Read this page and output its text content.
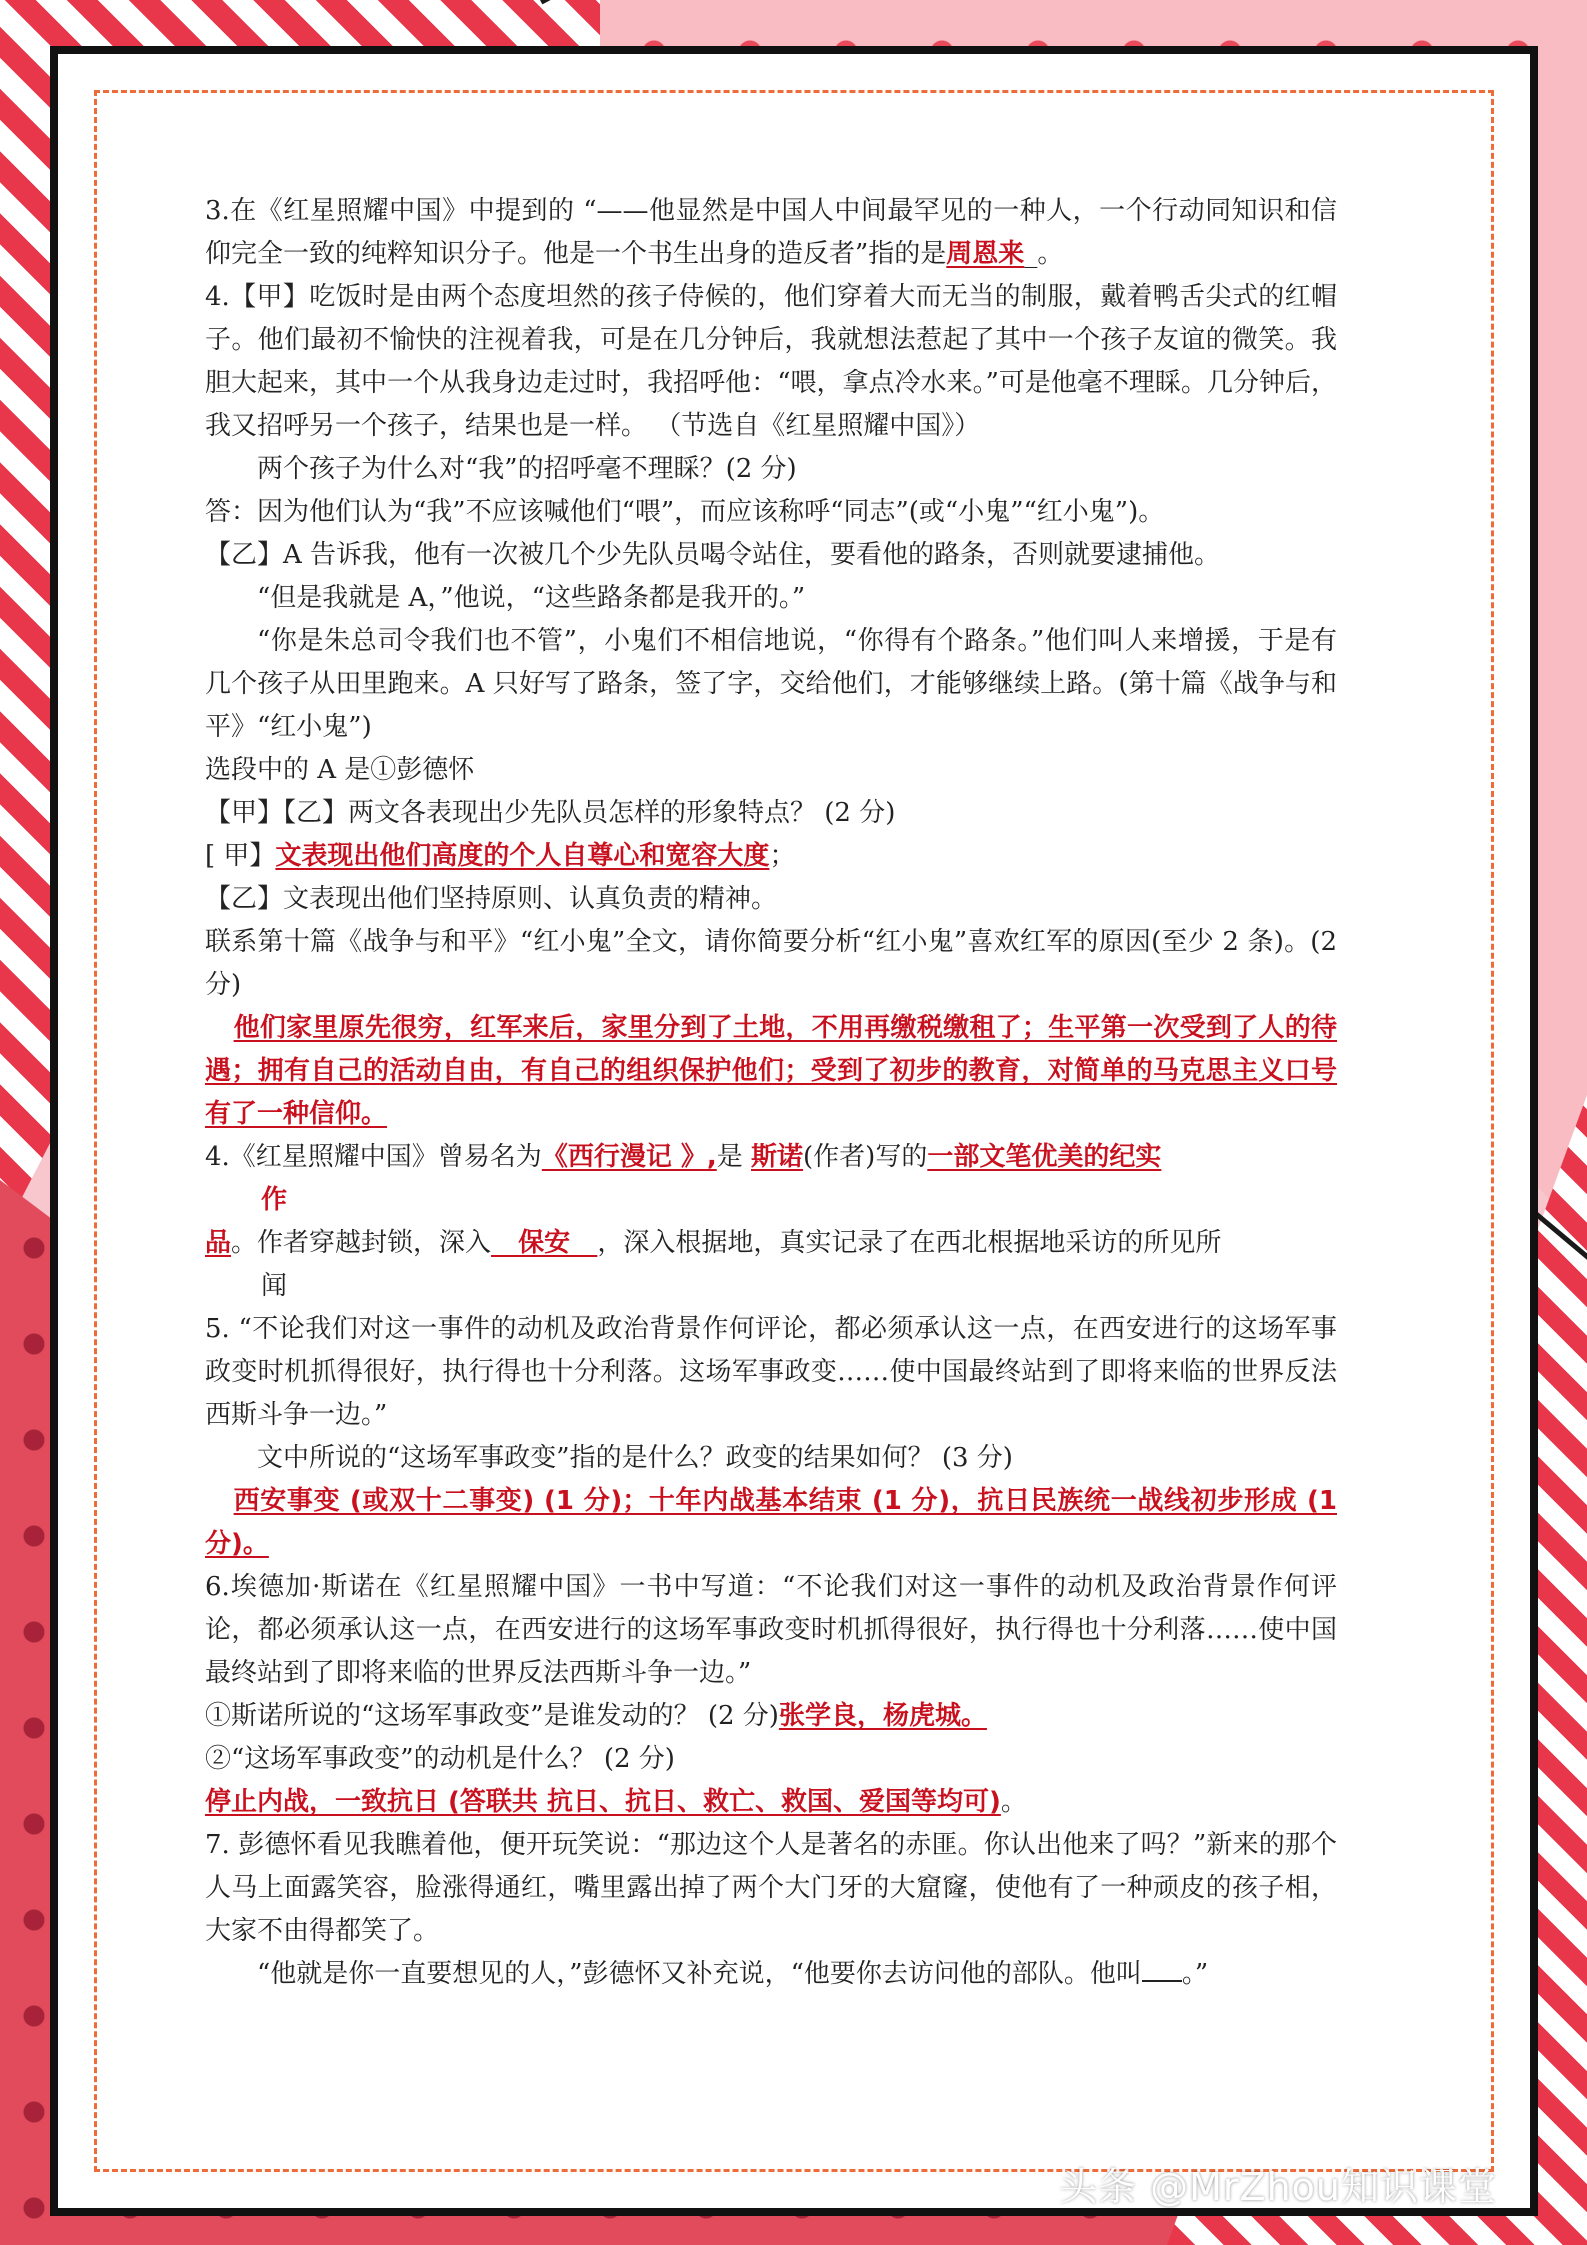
3.在《红星照耀中国》中提到的 “——他显然是中国人中间最罕见的一种人，一个行动同知识和信仰完全一致的纯粹知识分子。他是一个书生出身的造反者”指的是周恩来_。

4.【甲】吃饭时是由两个态度坦然的孩子侍候的，他们穿着大而无当的制服，戴着鸭舌尖式的红帽子。他们最初不愉快的注视着我，可是在几分钟后，我就想法惹起了其中一个孩子友谊的微笑。我胆大起来，其中一个从我身边走过时，我招呼他：“喂，拿点冷水来。”可是他毫不理睬。几分钟后，我又招呼另一个孩子，结果也是一样。 （节选自《红星照耀中国》）

两个孩子为什么对“我”的招呼毫不理睬？(2 分)

答：因为他们认为“我”不应该喊他们“喂”，而应该称呼“同志”(或“小鬼”“红小鬼”)。

【乙】A 告诉我，他有一次被几个少先队员喝令站住，要看他的路条，否则就要逮捕他。

“但是我就是 A，”他说，“这些路条都是我开的。”

“你是朱总司令我们也不管”，小鬼们不相信地说，“你得有个路条。”他们叫人来增援，于是有几个孩子从田里跑来。A 只好写了路条，签了字，交给他们，才能够继续上路。(第十篇《战争与和平》“红小鬼”)

选段中的 A 是①彭德怀

【甲】【乙】两文各表现出少先队员怎样的形象特点？ (2 分)

[ 甲】文表现出他们高度的个人自尊心和宽容大度；

【乙】文表现出他们坚持原则、认真负责的精神。

联系第十篇《战争与和平》“红小鬼”全文，请你简要分析“红小鬼”喜欢红军的原因(至少 2 条)。(2 分)

他们家里原先很穷，红军来后，家里分到了土地，不用再缴税缴租了；生平第一次受到了人的待遇；拥有自己的活动自由，有自己的组织保护他们；受到了初步的教育，对简单的马克思主义口号有了一种信仰。

4.《红星照耀中国》曾易名为《西行漫记 》,是 斯诺(作者)写的一部文笔优美的纪实

作

品。作者穿越封锁，深入   保安   ，深入根据地，真实记录了在西北根据地采访的所见所

闻

5. “不论我们对这一事件的动机及政治背景作何评论，都必须承认这一点，在西安进行的这场军事政变时机抓得很好，执行得也十分利落。这场军事政变……使中国最终站到了即将来临的世界反法西斯斗争一边。”

文中所说的“这场军事政变”指的是什么？政变的结果如何？ (3 分)

西安事变 (或双十二事变) (1 分)；十年内战基本结束 (1 分)，抗日民族统一战线初步形成 (1 分)。

6.埃德加·斯诺在《红星照耀中国》一书中写道：“不论我们对这一事件的动机及政治背景作何评论，都必须承认这一点，在西安进行的这场军事政变时机抓得很好，执行得也十分利落……使中国最终站到了即将来临的世界反法西斯斗争一边。”

①斯诺所说的“这场军事政变”是谁发动的？ (2 分)张学良，杨虎城。

②“这场军事政变”的动机是什么？ (2 分)

停止内战，一致抗日 (答联共 抗日、抗日、救亡、救国、爱国等均可)。

7. 彭德怀看见我瞧着他，便开玩笑说：“那边这个人是著名的赤匪。你认出他来了吗？”新来的那个人马上面露笑容，脸涨得通红，嘴里露出掉了两个大门牙的大窟窿，使他有了一种顽皮的孩子相，大家不由得都笑了。

“他就是你一直要想见的人，”彭德怀又补充说，“他要你去访问他的部队。他叫 。”

头条 @MrZhou知识课堂
